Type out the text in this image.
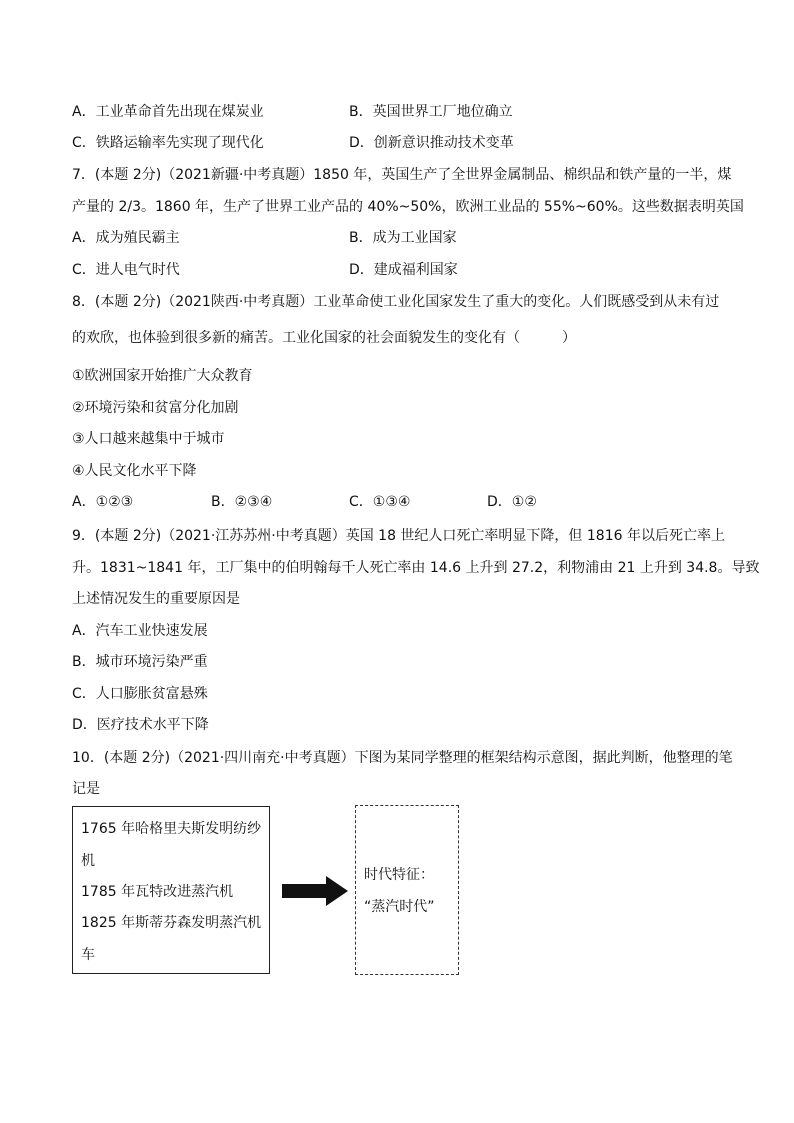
A．工业革命首先出现在煤炭业	B．英国世界工厂地位确立
C．铁路运输率先实现了现代化	D．创新意识推动技术变革
7．(本题 2分)（2021新疆·中考真题）1850 年，英国生产了全世界金属制品、棉织品和铁产量的一半，煤
产量的 2/3。1860 年，生产了世界工业产品的 40%~50%，欧洲工业品的 55%~60%。这些数据表明英国
A．成为殖民霸主	B．成为工业国家
C．进人电气时代	D．建成福利国家
8．(本题 2分)（2021陕西·中考真题）工业革命使工业化国家发生了重大的变化。人们既感受到从未有过
的欢欣，也体验到很多新的痛苦。工业化国家的社会面貌发生的变化有（　　　）
①欧洲国家开始推广大众教育
②环境污染和贫富分化加剧
③人口越来越集中于城市
④人民文化水平下降
A．①②③	B．②③④	C．①③④	D．①②
9．(本题 2分)（2021·江苏苏州·中考真题）英国 18 世纪人口死亡率明显下降，但 1816 年以后死亡率上
升。1831~1841 年，工厂集中的伯明翰每千人死亡率由 14.6 上升到 27.2，利物浦由 21 上升到 34.8。导致
上述情况发生的重要原因是
A．汽车工业快速发展
B．城市环境污染严重
C．人口膨胀贫富悬殊
D．医疗技术水平下降
10．(本题 2分)（2021·四川南充·中考真题）下图为某同学整理的框架结构示意图，据此判断，他整理的笔
记是
1765 年哈格里夫斯发明纺纱
机
1785 年瓦特改进蒸汽机
1825 年斯蒂芬森发明蒸汽机
车
时代特征：
“蒸汽时代”
